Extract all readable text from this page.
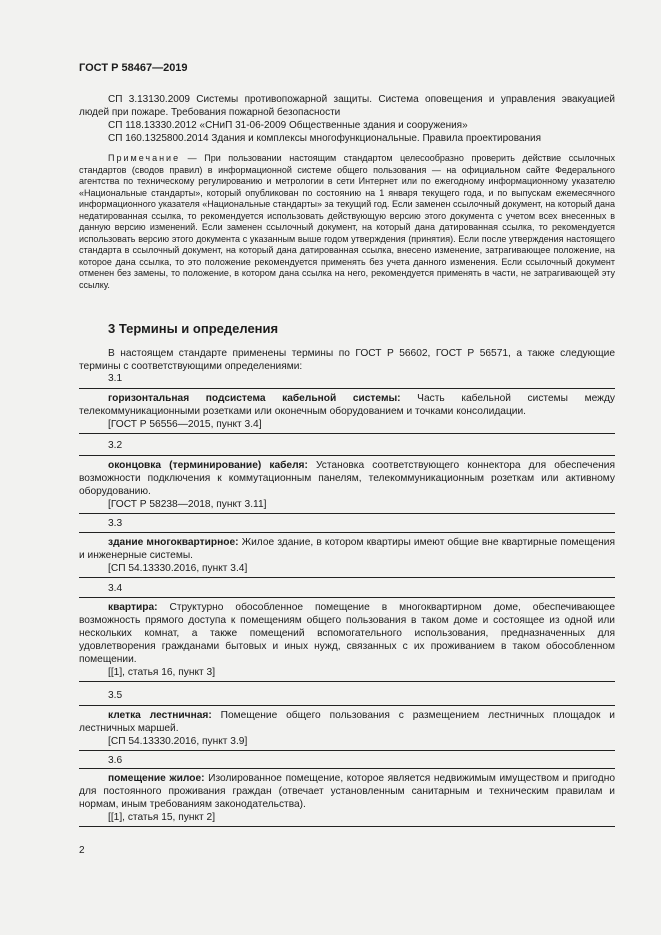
ГОСТ Р 58467—2019

СП 3.13130.2009 Системы противопожарной защиты. Система оповещения и управления эвакуацией людей при пожаре. Требования пожарной безопасности

СП 118.13330.2012 «СНиП 31-06-2009 Общественные здания и сооружения»

СП 160.1325800.2014 Здания и комплексы многофункциональные. Правила проектирования

Примечание — При пользовании настоящим стандартом целесообразно проверить действие ссылочных стандартов (сводов правил) в информационной системе общего пользования — на официальном сайте Федерального агентства по техническому регулированию и метрологии в сети Интернет или по ежегодному информационному указателю «Национальные стандарты», который опубликован по состоянию на 1 января текущего года, и по выпускам ежемесячного информационного указателя «Национальные стандарты» за текущий год. Если заменен ссылочный документ, на который дана недатированная ссылка, то рекомендуется использовать действующую версию этого документа с учетом всех внесенных в данную версию изменений. Если заменен ссылочный документ, на который дана датированная ссылка, то рекомендуется использовать версию этого документа с указанным выше годом утверждения (принятия). Если после утверждения настоящего стандарта в ссылочный документ, на который дана датированная ссылка, внесено изменение, затрагивающее положение, на которое дана ссылка, то это положение рекомендуется применять без учета данного изменения. Если ссылочный документ отменен без замены, то положение, в котором дана ссылка на него, рекомендуется применять в части, не затрагивающей эту ссылку.

3 Термины и определения

В настоящем стандарте применены термины по ГОСТ Р 56602, ГОСТ Р 56571, а также следующие термины с соответствующими определениями:

3.1

горизонтальная подсистема кабельной системы: Часть кабельной системы между телекоммуникационными розетками или оконечным оборудованием и точками консолидации.

[ГОСТ Р 56556—2015, пункт 3.4]

3.2

оконцовка (терминирование) кабеля: Установка соответствующего коннектора для обеспечения возможности подключения к коммутационным панелям, телекоммуникационным розеткам или активному оборудованию.

[ГОСТ Р 58238—2018, пункт 3.11]

3.3

здание многоквартирное: Жилое здание, в котором квартиры имеют общие вне квартирные помещения и инженерные системы.

[СП 54.13330.2016, пункт 3.4]

3.4

квартира: Структурно обособленное помещение в многоквартирном доме, обеспечивающее возможность прямого доступа к помещениям общего пользования в таком доме и состоящее из одной или нескольких комнат, а также помещений вспомогательного использования, предназначенных для удовлетворения гражданами бытовых и иных нужд, связанных с их проживанием в таком обособленном помещении.

[[1], статья 16, пункт 3]

3.5

клетка лестничная: Помещение общего пользования с размещением лестничных площадок и лестничных маршей.

[СП 54.13330.2016, пункт 3.9]

3.6

помещение жилое: Изолированное помещение, которое является недвижимым имуществом и пригодно для постоянного проживания граждан (отвечает установленным санитарным и техническим правилам и нормам, иным требованиям законодательства).

[[1], статья 15, пункт 2]

2
